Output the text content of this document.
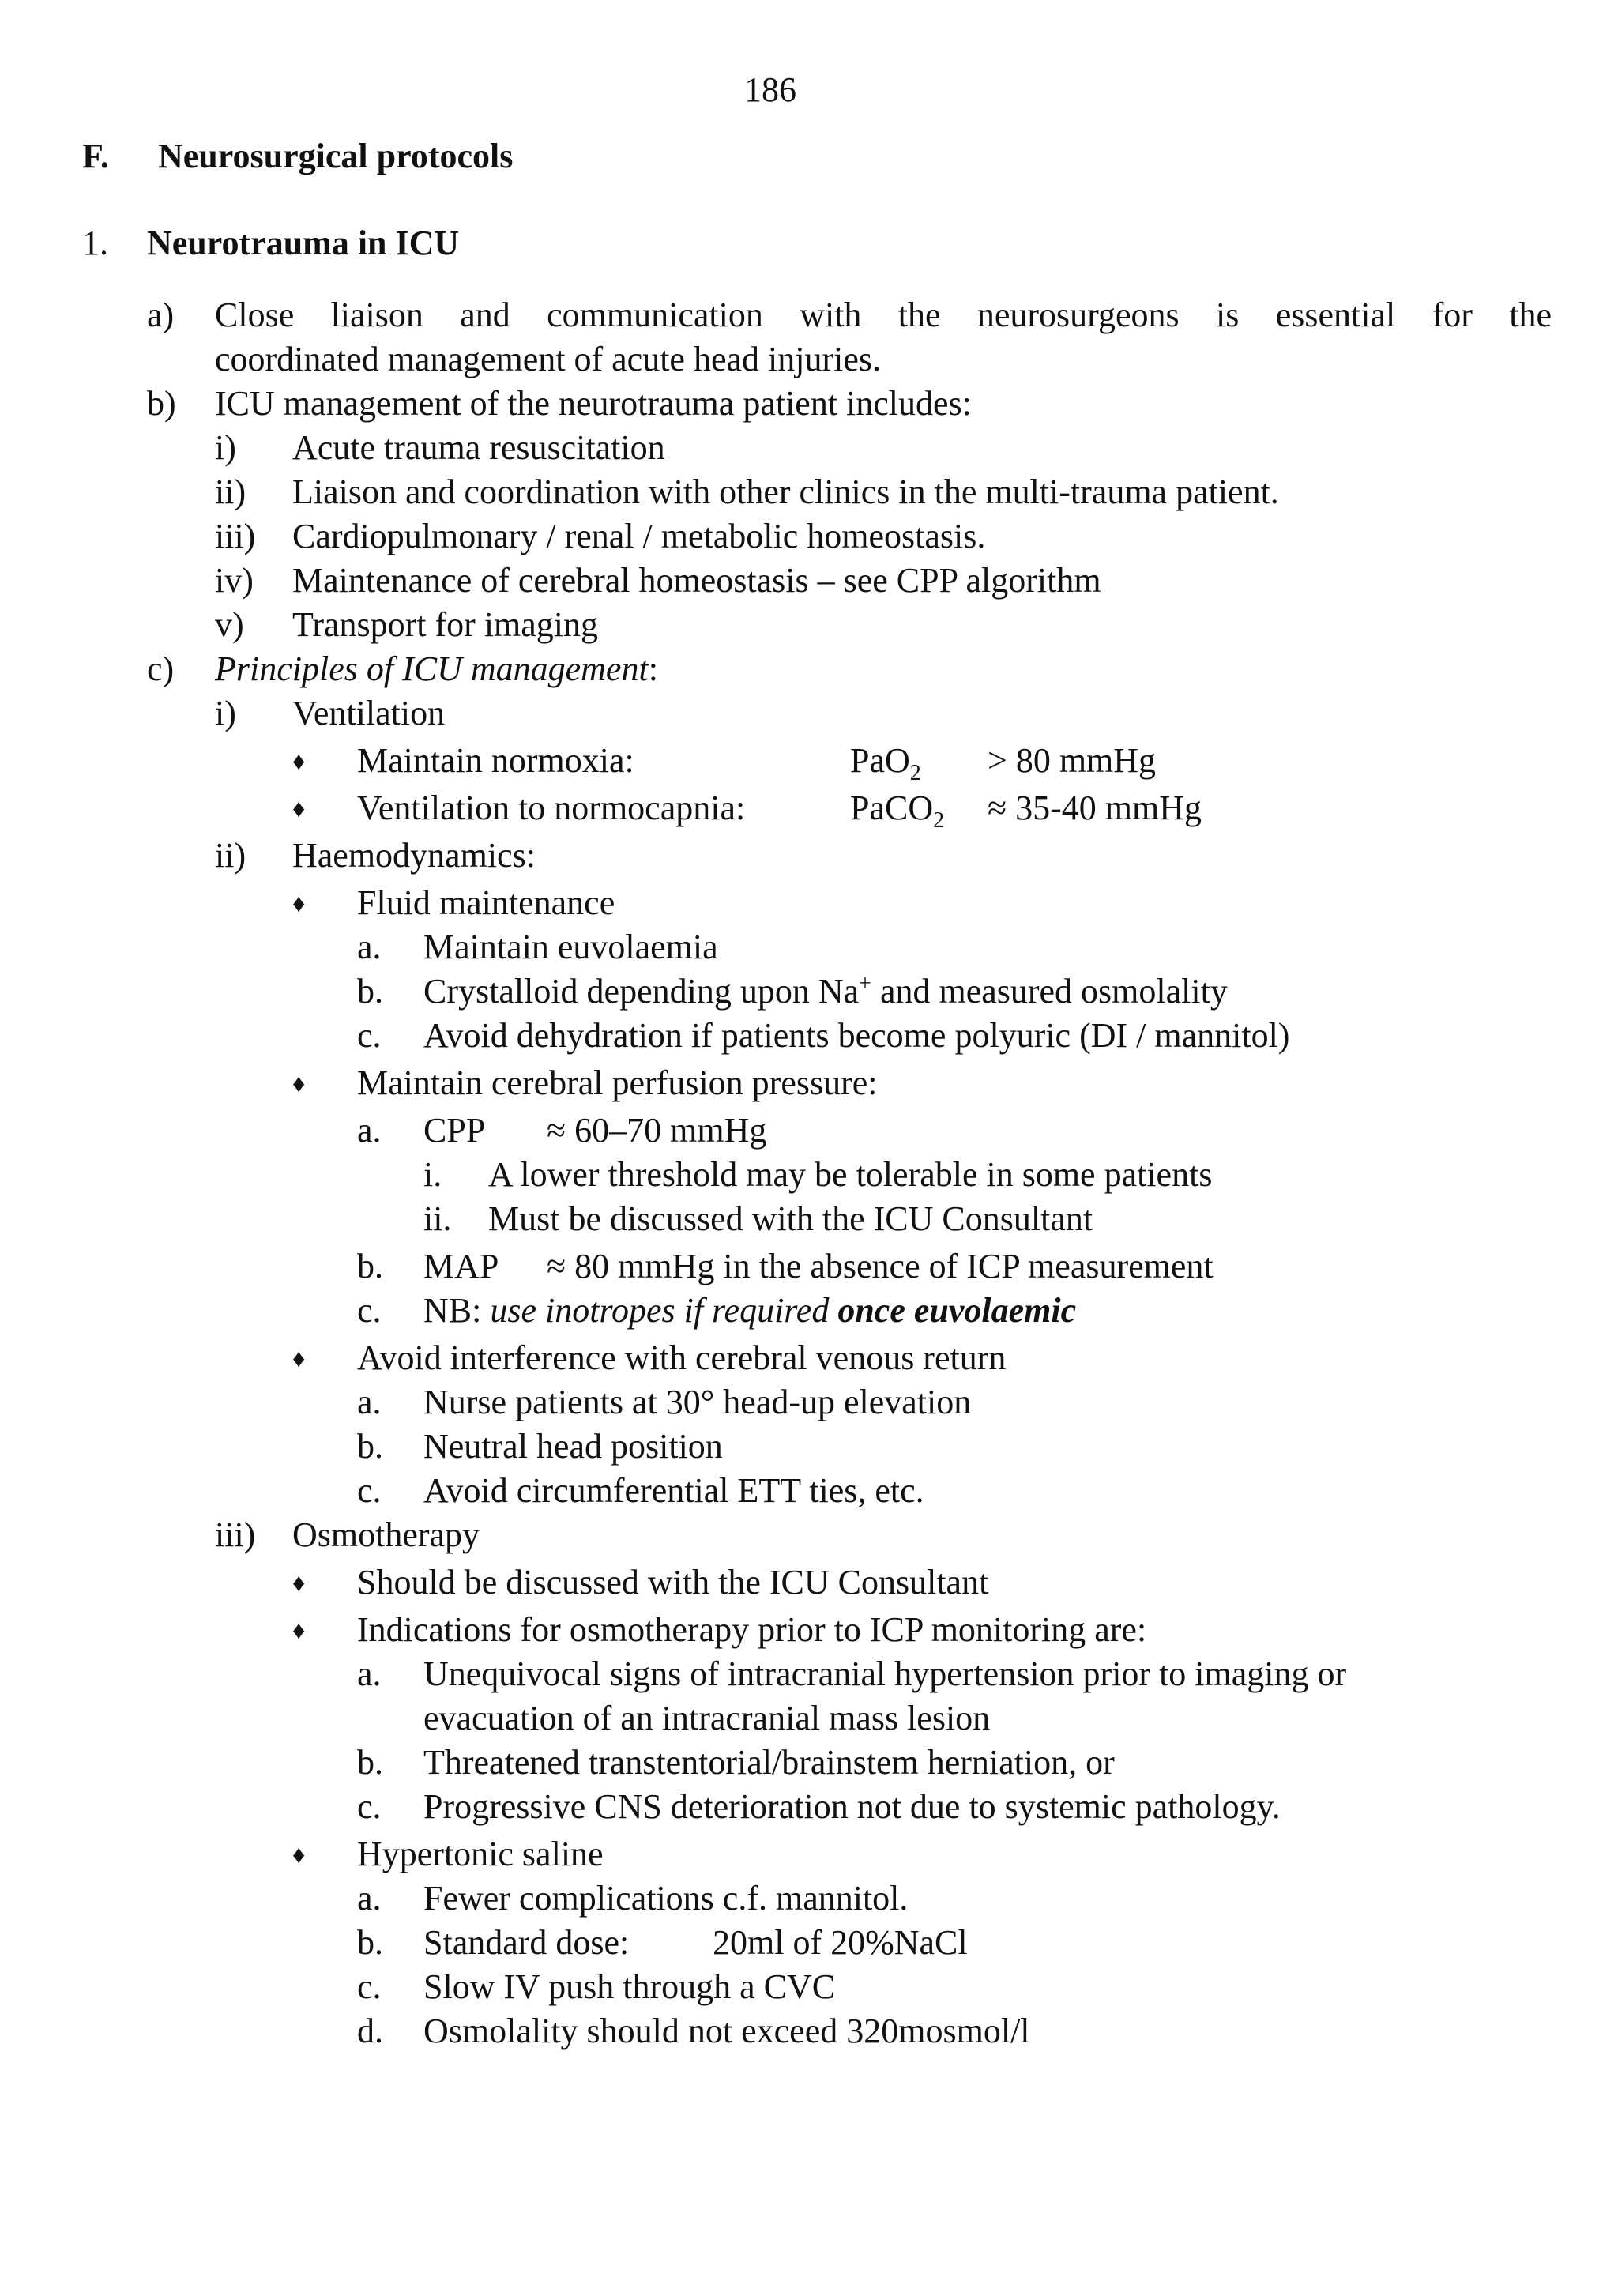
186
F. Neurosurgical protocols
1. Neurotrauma in ICU
a) Close liaison and communication with the neurosurgeons is essential for the
coordinated management of acute head injuries.
b) ICU management of the neurotrauma patient includes:
i) Acute trauma resuscitation
ii) Liaison and coordination with other clinics in the multi-trauma patient.
iii) Cardiopulmonary / renal / metabolic homeostasis.
iv) Maintenance of cerebral homeostasis – see CPP algorithm
v) Transport for imaging
c) Principles of ICU management:
i) Ventilation
♦ Maintain normoxia:	PaO$_2$ > 80 mmHg
♦ Ventilation to normocapnia:	PaCO$_2$ ≈ 35-40 mmHg
ii) Haemodynamics:
♦ Fluid maintenance
a. Maintain euvolaemia
b. Crystalloid depending upon Na+ and measured osmolality
c. Avoid dehydration if patients become polyuric (DI / mannitol)
♦ Maintain cerebral perfusion pressure:
a. CPP ≈ 60–70 mmHg
i. A lower threshold may be tolerable in some patients
ii. Must be discussed with the ICU Consultant
b. MAP ≈ 80 mmHg in the absence of ICP measurement
c. NB: use inotropes if required once euvolaemic
♦ Avoid interference with cerebral venous return
a. Nurse patients at 30° head-up elevation
b. Neutral head position
c. Avoid circumferential ETT ties, etc.
iii) Osmotherapy
♦ Should be discussed with the ICU Consultant
♦ Indications for osmotherapy prior to ICP monitoring are:
a. Unequivocal signs of intracranial hypertension prior to imaging or
evacuation of an intracranial mass lesion
b. Threatened transtentorial/brainstem herniation, or
c. Progressive CNS deterioration not due to systemic pathology.
♦ Hypertonic saline
a. Fewer complications c.f. mannitol.
b. Standard dose: 20ml of 20%NaCl
c. Slow IV push through a CVC
d. Osmolality should not exceed 320mosmol/l
